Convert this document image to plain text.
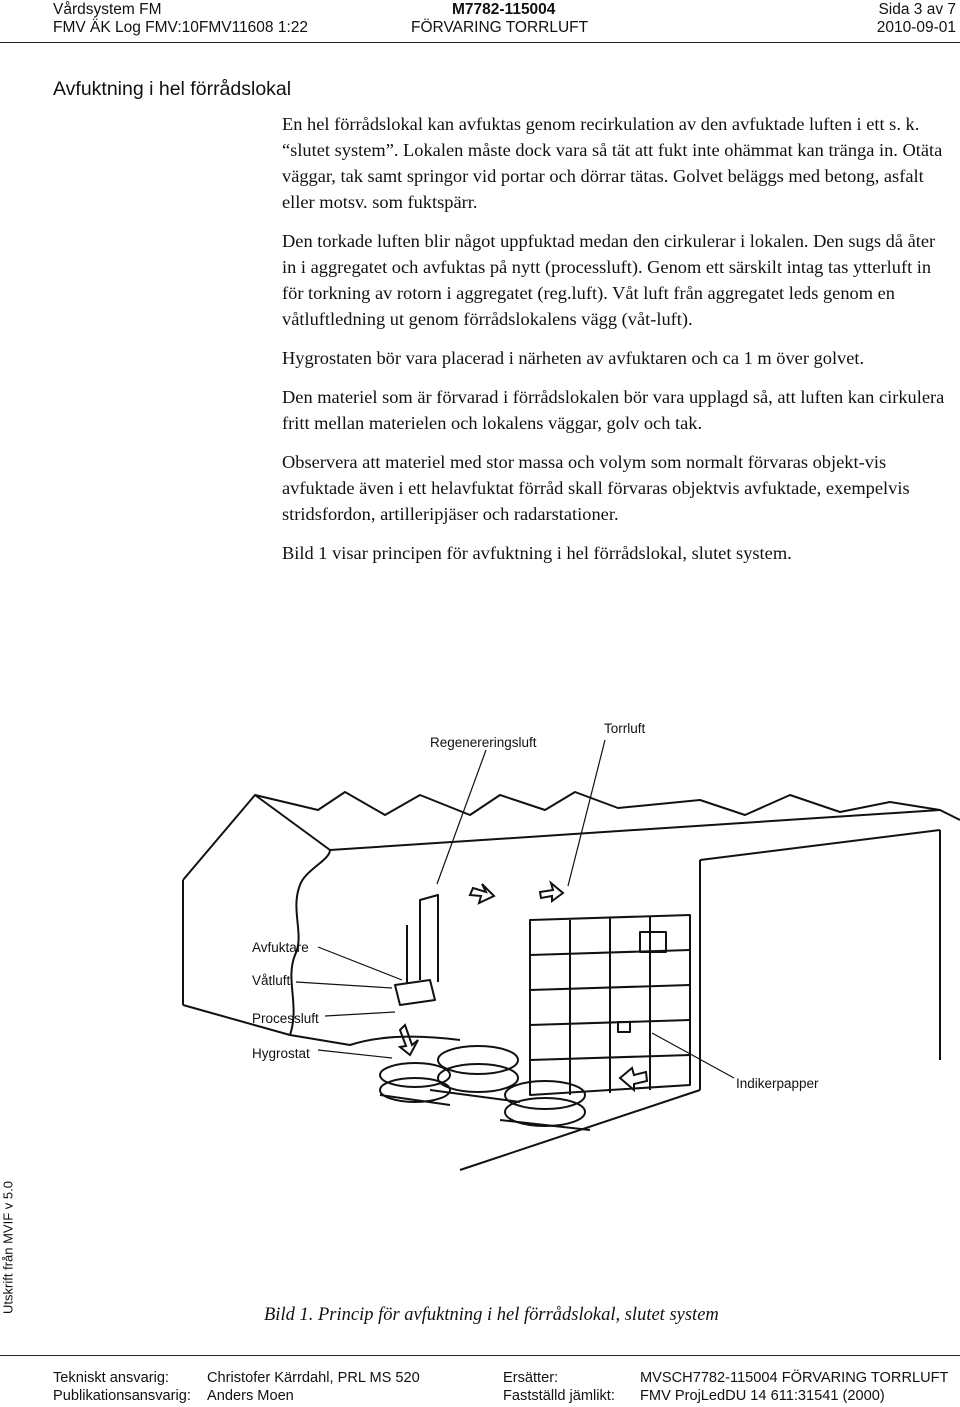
Vårdsystem FM
FMV ÄK Log FMV:10FMV11608 1:22
M7782-115004
FÖRVARING TORRLUFT
Sida 3 av 7
2010-09-01
Avfuktning i hel förrådslokal

En hel förrådslokal kan avfuktas genom recirkulation av den avfuktade luften i ett s. k. “slutet system”. Lokalen måste dock vara så tät att fukt inte ohämmat kan tränga in. Otäta väggar, tak samt springor vid portar och dörrar tätas. Golvet beläggs med betong, asfalt eller motsv. som fuktspärr.

Den torkade luften blir något uppfuktad medan den cirkulerar i lokalen. Den sugs då åter in i aggregatet och avfuktas på nytt (processluft). Genom ett särskilt intag tas ytterluft in för torkning av rotorn i aggregatet (reg.luft). Våt luft från aggregatet leds genom en våtluftledning ut genom förrådslokalens vägg (våt-luft).

Hygrostaten bör vara placerad i närheten av avfuktaren och ca 1 m över golvet.

Den materiel som är förvarad i förrådslokalen bör vara upplagd så, att luften kan cirkulera fritt mellan materielen och lokalens väggar, golv och tak.

Observera att materiel med stor massa och volym som normalt förvaras objekt-vis avfuktade även i ett helavfuktat förråd skall förvaras objektvis avfuktade, exempelvis stridsfordon, artilleripjäser och radarstationer.

Bild 1 visar principen för avfuktning i hel förrådslokal, slutet system.

Regenereringsluft
Torrluft
Avfuktare
Våtluft
Processluft
Hygrostat
Indikerpapper
Bild 1. Princip för avfuktning i hel förrådslokal, slutet system
Utskrift från MVIF v 5.0
Tekniskt ansvarig:	Christofer Kärrdahl, PRL MS 520
Publikationsansvarig: Anders Moen
Ersätter:	MVSCH7782-115004 FÖRVARING TORRLUFT
Fastställd jämlikt: FMV ProjLedDU 14 611:31541 (2000)
